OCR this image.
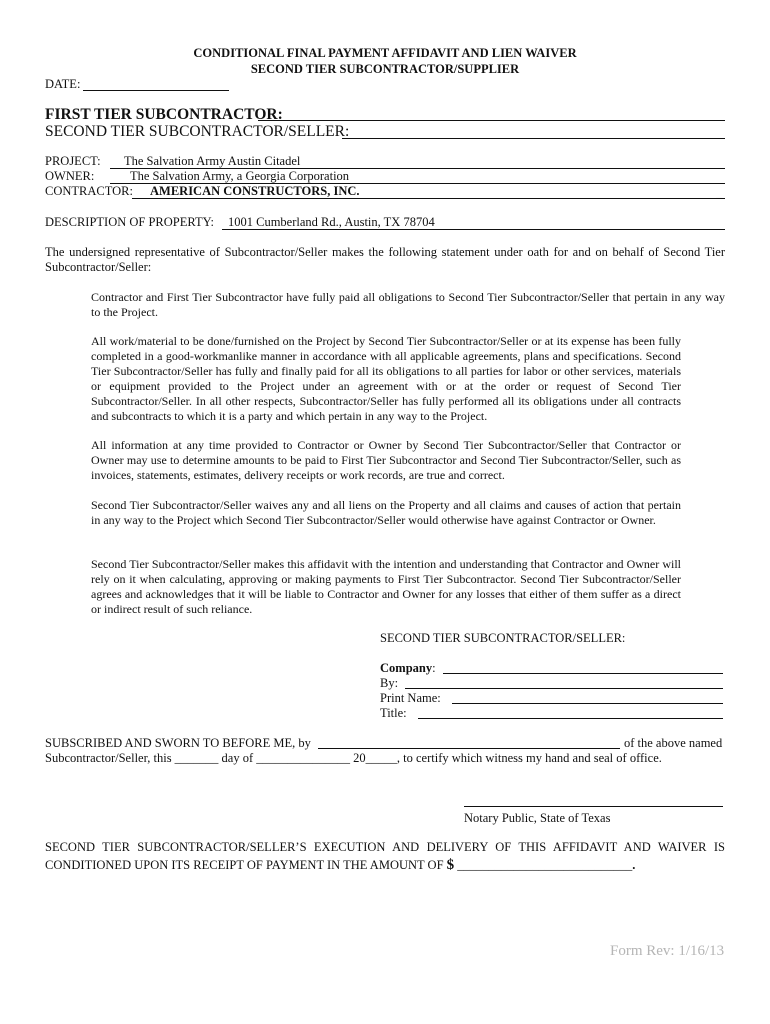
CONDITIONAL FINAL PAYMENT AFFIDAVIT AND LIEN WAIVER
SECOND TIER SUBCONTRACTOR/SUPPLIER
DATE:
FIRST TIER SUBCONTRACTOR:
SECOND TIER SUBCONTRACTOR/SELLER:
PROJECT: The Salvation Army Austin Citadel
OWNER:	The Salvation Army, a Georgia Corporation
CONTRACTOR: AMERICAN CONSTRUCTORS, INC.	_
DESCRIPTION OF PROPERTY: 1001 Cumberland Rd., Austin, TX 78704
The undersigned representative of Subcontractor/Seller makes the following statement under oath for and on behalf of Second Tier
Subcontractor/Seller:
Contractor and First Tier Subcontractor have fully paid all obligations to Second Tier Subcontractor/Seller that pertain in any way to the Project.
All work/material to be done/furnished on the Project by Second Tier Subcontractor/Seller or at its expense has been fully completed in a good-workmanlike manner in accordance with all applicable agreements, plans and specifications. Second Tier Subcontractor/Seller has fully and finally paid for all its obligations to all parties for labor or other services, materials or equipment provided to the Project under an agreement with or at the order or request of Second Tier Subcontractor/Seller. In all other respects, Subcontractor/Seller has fully performed all its obligations under all contracts and subcontracts to which it is a party and which pertain in any way to the Project.
All information at any time provided to Contractor or Owner by Second Tier Subcontractor/Seller that Contractor or Owner may use to determine amounts to be paid to First Tier Subcontractor and Second Tier Subcontractor/Seller, such as invoices, statements, estimates, delivery receipts or work records, are true and correct.
Second Tier Subcontractor/Seller waives any and all liens on the Property and all claims and causes of action that pertain in any way to the Project which Second Tier Subcontractor/Seller would otherwise have against Contractor or Owner.
Second Tier Subcontractor/Seller makes this affidavit with the intention and understanding that Contractor and Owner will rely on it when calculating, approving or making payments to First Tier Subcontractor. Second Tier Subcontractor/Seller agrees and acknowledges that it will be liable to Contractor and Owner for any losses that either of them suffer as a direct or indirect result of such reliance.
SECOND TIER SUBCONTRACTOR/SELLER:
Company:
By:
Print Name:
Title:
SUBSCRIBED AND SWORN TO BEFORE ME, by	of the above named
Subcontractor/Seller, this _______ day of _______________ 20_____, to certify which witness my hand and seal of office.
Notary Public, State of Texas
SECOND TIER SUBCONTRACTOR/SELLER’S EXECUTION AND DELIVERY OF THIS AFFIDAVIT AND WAIVER IS
CONDITIONED UPON ITS RECEIPT OF PAYMENT IN THE AMOUNT OF $ ____________________________.
Form Rev: 1/16/13
